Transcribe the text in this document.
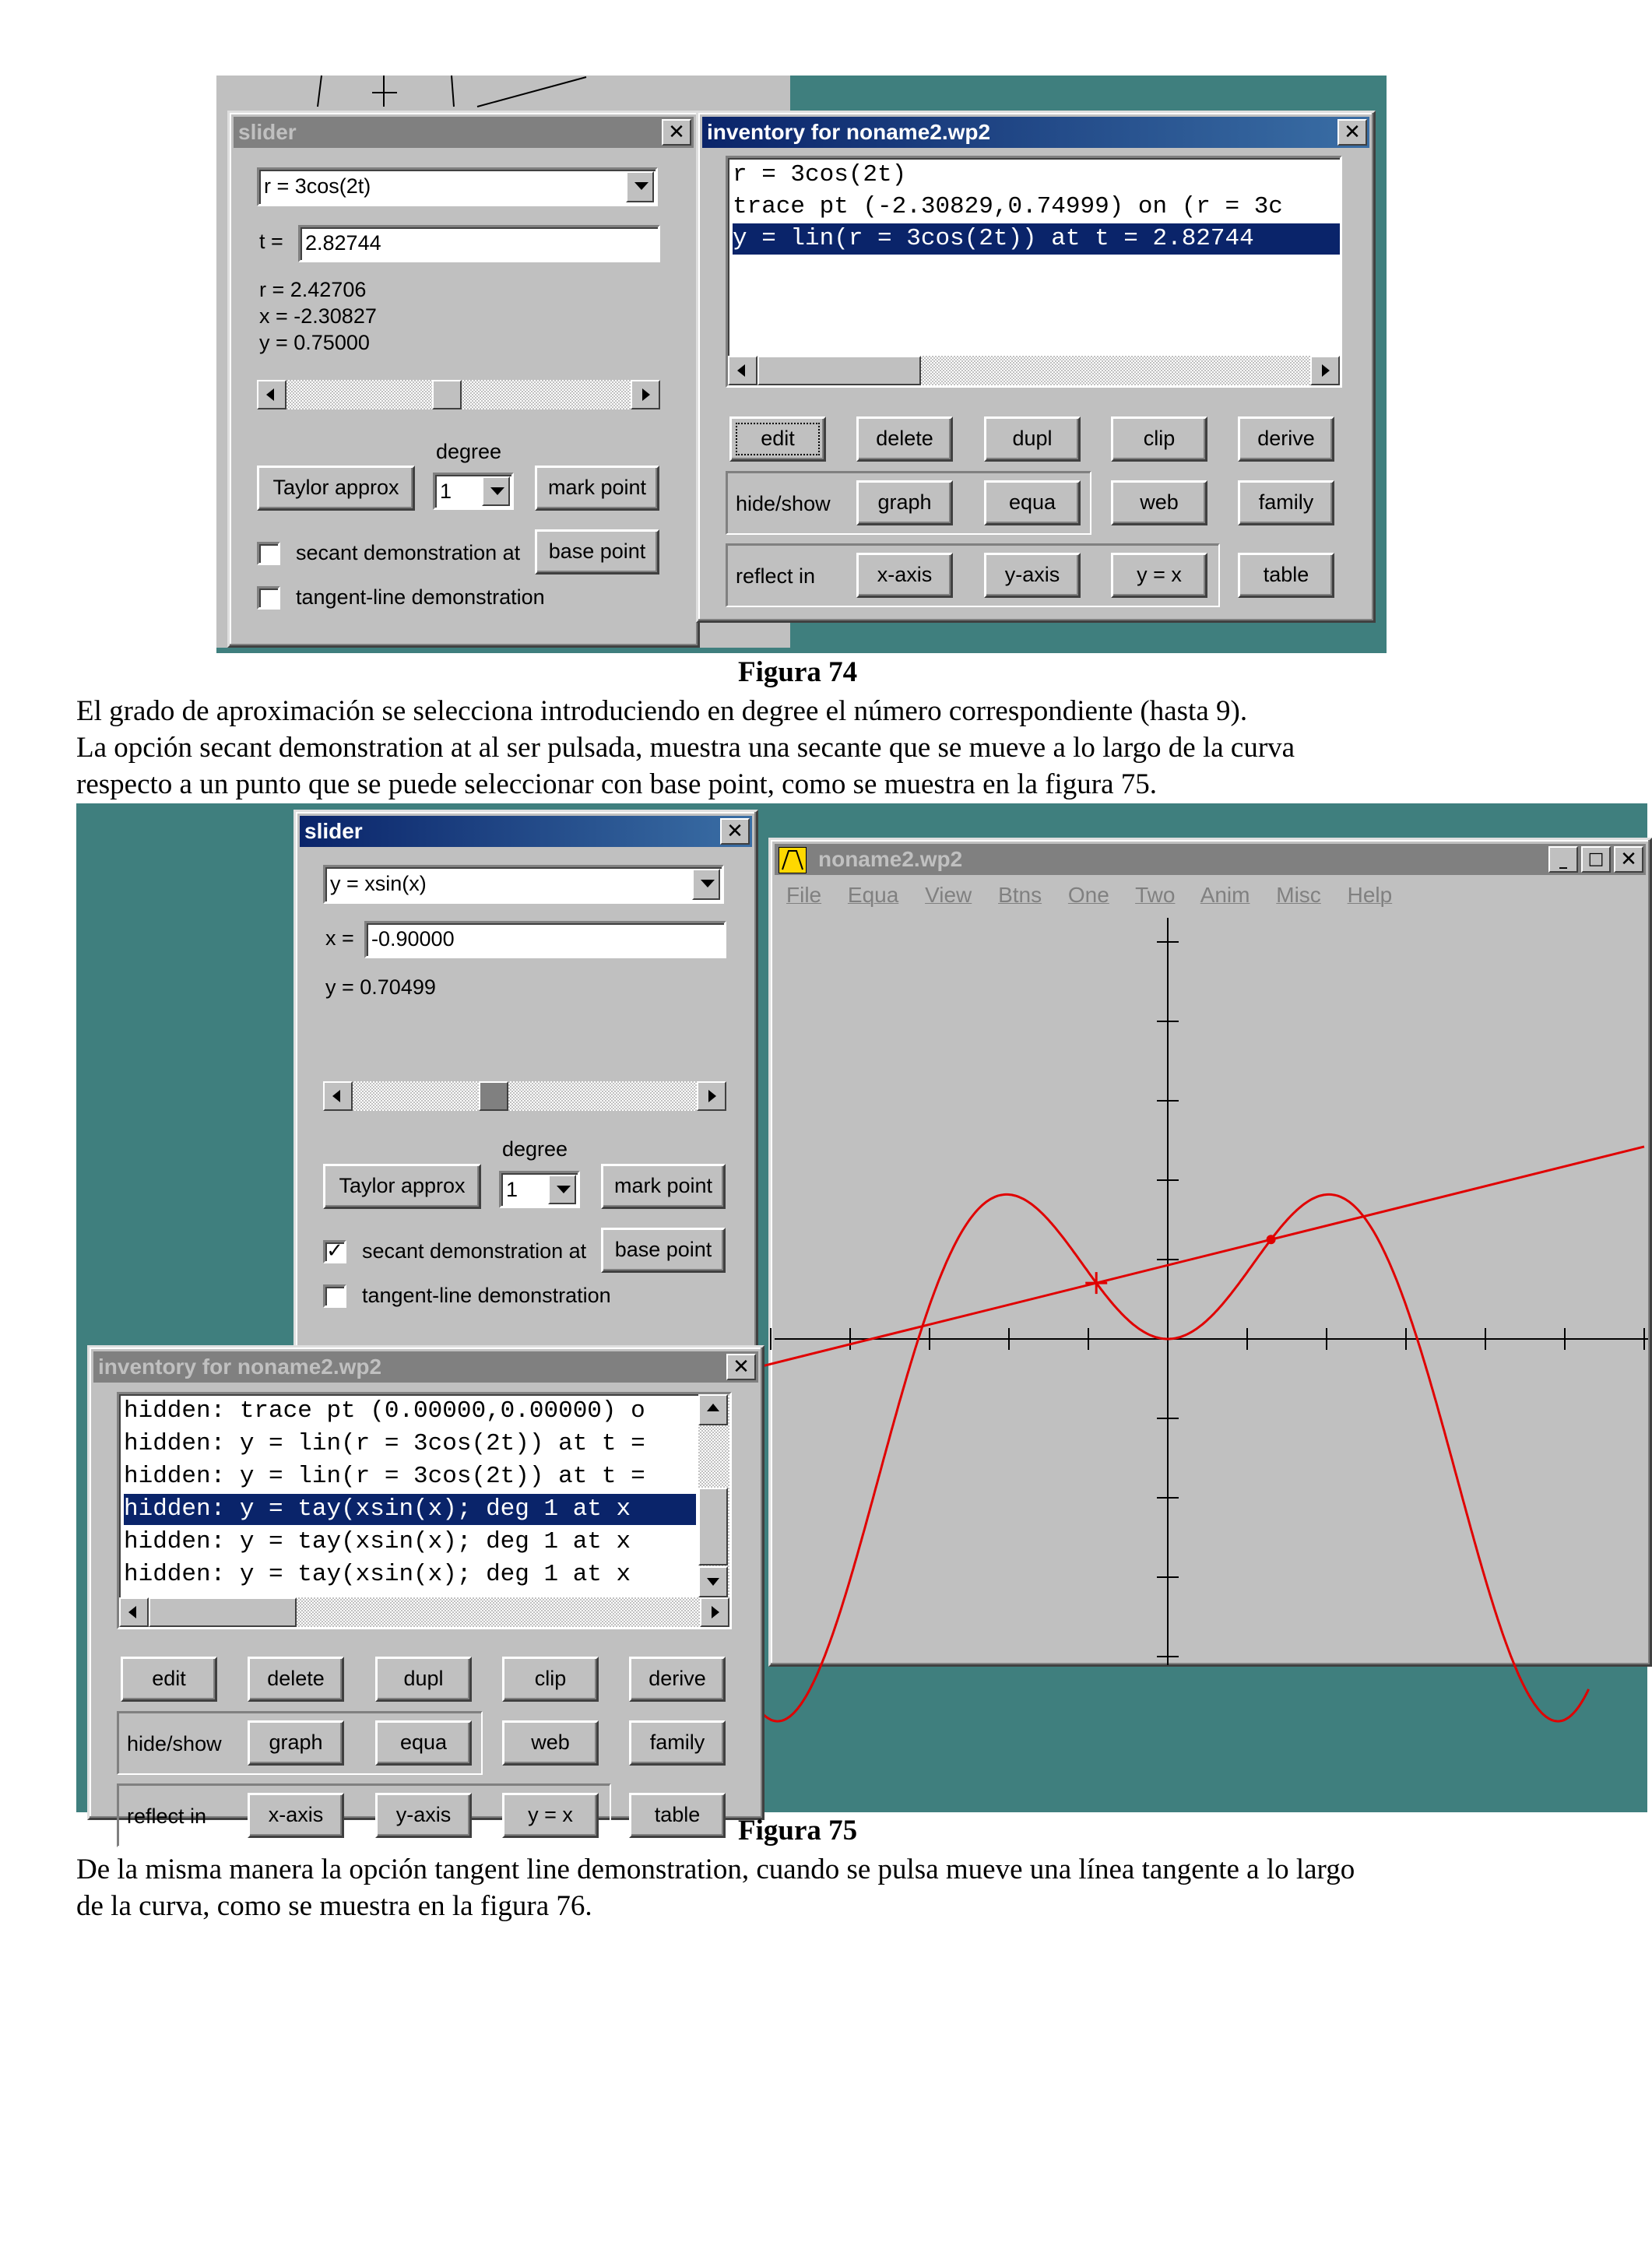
slider	✕
r = 3cos(2t)
t =	2.82744
r = 2.42706
x = -2.30827
y = 0.75000
degree
Taylor approx	1	mark point
secant demonstration at	base point
tangent-line demonstration
inventory for noname2.wp2	✕
r = 3cos(2t)
trace pt (-2.30829,0.74999) on (r = 3c
y = lin(r = 3cos(2t)) at t = 2.82744
edit	delete	dupl	clip	derive
hide/show	graph	equa	web	family
reflect in	x-axis	y-axis	y = x	table
Figura 74
El grado de aproximación se selecciona introduciendo en degree el número correspondiente (hasta 9).
La opción secant demonstration at al ser pulsada, muestra una secante que se mueve a lo largo de la curva
respecto a un punto que se puede seleccionar con base point, como se muestra en la figura 75.
slider	✕
y = xsin(x)
x = -0.90000
y = 0.70499
degree
Taylor approx	1	mark point
✓ secant demonstration at	base point
tangent-line demonstration
noname2.wp2	_	□ ✕
File Equa View Btns One Two Anim Misc Help
inventory for noname2.wp2	✕
hidden: trace pt (0.00000,0.00000) o
hidden: y = lin(r = 3cos(2t)) at t =
hidden: y = lin(r = 3cos(2t)) at t =
hidden: y = tay(xsin(x); deg 1 at x
hidden: y = tay(xsin(x); deg 1 at x
hidden: y = tay(xsin(x); deg 1 at x
edit	delete	dupl	clip	derive
hide/show	graph	equa	web	family
reflect in	x-axis	y-axis	y = x	table	Figura 75
De la misma manera la opción tangent line demonstration, cuando se pulsa mueve una línea tangente a lo largo
de la curva, como se muestra en la figura 76.
